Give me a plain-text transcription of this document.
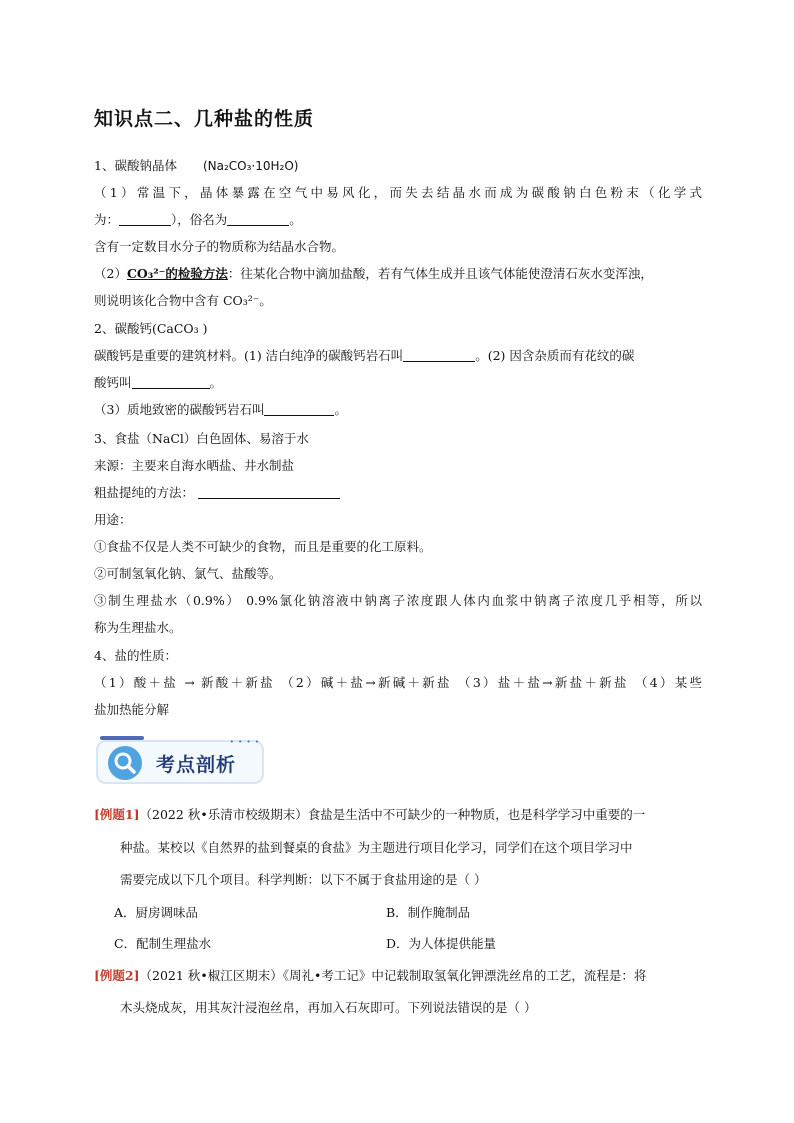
知识点二、几种盐的性质
1、碳酸钠晶体 (Na₂CO₃·10H₂O)
（1）常温下，晶体暴露在空气中易风化，而失去结晶水而成为碳酸钠白色粉末（化学式
为：	），俗名为	。
含有一定数目水分子的物质称为结晶水合物。
（2）CO₃²⁻的检验方法：往某化合物中滴加盐酸，若有气体生成并且该气体能使澄清石灰水变浑浊，
则说明该化合物中含有 CO₃²⁻。
2、碳酸钙(CaCO₃ )
碳酸钙是重要的建筑材料。(1) 洁白纯净的碳酸钙岩石叫	。(2) 因含杂质而有花纹的碳
酸钙叫	。
（3）质地致密的碳酸钙岩石叫	。
3、食盐（NaCl）白色固体、易溶于水
来源：主要来自海水晒盐、井水制盐
粗盐提纯的方法：
用途：
①食盐不仅是人类不可缺少的食物，而且是重要的化工原料。
②可制氢氧化钠、氯气、盐酸等。
③制生理盐水（0.9%） 0.9%氯化钠溶液中钠离子浓度跟人体内血浆中钠离子浓度几乎相等，所以
称为生理盐水。
4、盐的性质：
（1）酸＋盐 → 新酸＋新盐 （2）碱＋盐→新碱＋新盐 （3）盐＋盐→新盐＋新盐 （4）某些
盐加热能分解
• • • •
考点剖析
[例题1]（2022 秋•乐清市校级期末）食盐是生活中不可缺少的一种物质，也是科学学习中重要的一
种盐。某校以《自然界的盐到餐桌的食盐》为主题进行项目化学习，同学们在这个项目学习中
需要完成以下几个项目。科学判断：以下不属于食盐用途的是（ ）
A．厨房调味品	B．制作腌制品
C．配制生理盐水	D．为人体提供能量
[例题2]（2021 秋•椒江区期末）《周礼•考工记》中记载制取氢氧化钾漂洗丝帛的工艺，流程是：将
木头烧成灰，用其灰汁浸泡丝帛，再加入石灰即可。下列说法错误的是（ ）
